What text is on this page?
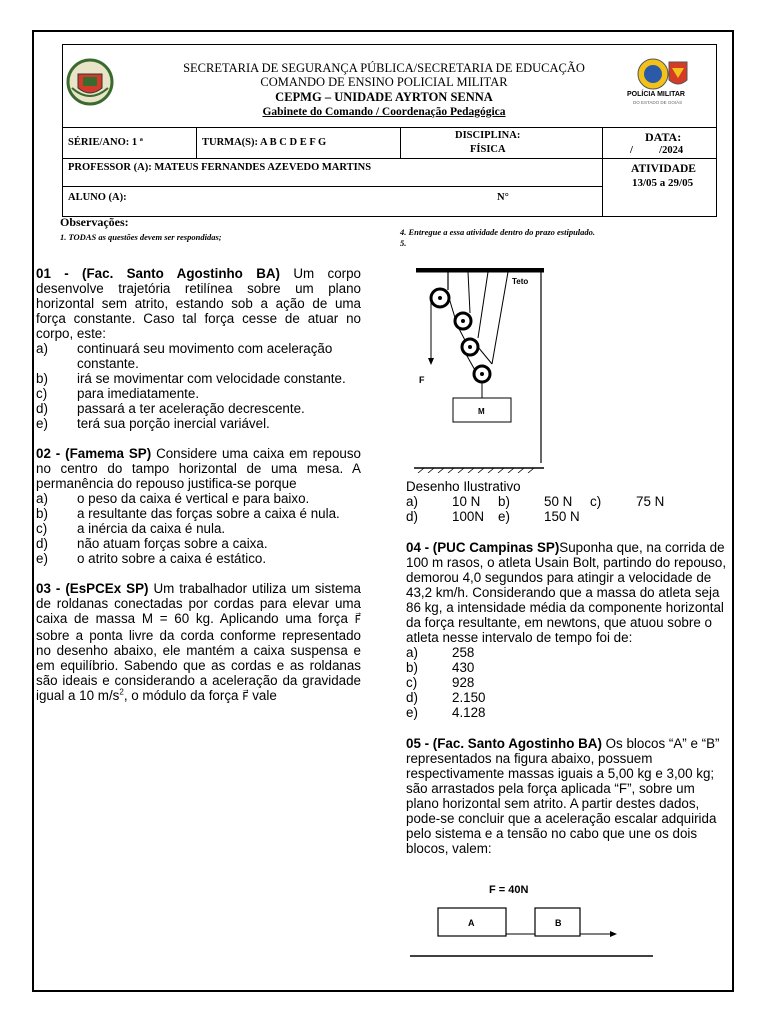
POLÍCIA MILITAR
DO ESTADO DE GOIÁS
SECRETARIA DE SEGURANÇA PÚBLICA/SECRETARIA DE EDUCAÇÃO
COMANDO DE ENSINO POLICIAL MILITAR
CEPMG – UNIDADE AYRTON SENNA
Gabinete do Comando / Coordenação Pedagógica
SÉRIE/ANO: 1 ª	TURMA(S): A B C D E F G
DISCIPLINA:
FÍSICA
DATA:
/          /2024
PROFESSOR (A): MATEUS FERNANDES AZEVEDO MARTINS	ATIVIDADE
13/05 a 29/05
ALUNO (A):	N°
Observações:
1. TODAS as questões devem ser respondidas;	4. Entregue a essa atividade dentro do prazo estipulado.
5.

01 - (Fac. Santo Agostinho BA) Um corpo desenvolve trajetória retilínea sobre um plano horizontal sem atrito, estando sob a ação de uma força constante. Caso tal força cesse de atuar no corpo, este:

a)	continuará seu movimento com aceleração constante.
b)	irá se movimentar com velocidade constante.
c)	para imediatamente.
d)	passará a ter aceleração decrescente.
e)	terá sua porção inercial variável.

02 - (Famema SP) Considere uma caixa em repouso no centro do tampo horizontal de uma mesa. A permanência do repouso justifica-se porque

a)	o peso da caixa é vertical e para baixo.
b)	a resultante das forças sobre a caixa é nula.
c)	a inércia da caixa é nula.
d)	não atuam forças sobre a caixa.
e)	o atrito sobre a caixa é estático.

03 - (EsPCEx SP) Um trabalhador utiliza um sistema de roldanas conectadas por cordas para elevar uma caixa de massa M = 60 kg. Aplicando uma força F⃗ sobre a ponta livre da corda conforme representado no desenho abaixo, ele mantém a caixa suspensa e em equilíbrio. Sabendo que as cordas e as roldanas são ideais e considerando a aceleração da gravidade igual a 10 $m/s^2$, o módulo da força F⃗ vale

Teto
F
M

Desenho Ilustrativo

a)	10 N b)	50 N c)	75 N
d)	100N e)	150 N

04 - (PUC Campinas SP)Suponha que, na corrida de 100 m rasos, o atleta Usain Bolt, partindo do repouso, demorou 4,0 segundos para atingir a velocidade de 43,2 km/h. Considerando que a massa do atleta seja 86 kg, a intensidade média da componente horizontal da força resultante, em newtons, que atuou sobre o atleta nesse intervalo de tempo foi de:

a)	258
b)	430
c)	928
d)	2.150
e)	4.128

05 - (Fac. Santo Agostinho BA) Os blocos “A” e “B” representados na figura abaixo, possuem respectivamente massas iguais a 5,00 kg e 3,00 kg; são arrastados pela força aplicada “F”, sobre um plano horizontal sem atrito. A partir destes dados, pode-se concluir que a aceleração escalar adquirida pelo sistema e a tensão no cabo que une os dois blocos, valem:

F = 40N
A	B
